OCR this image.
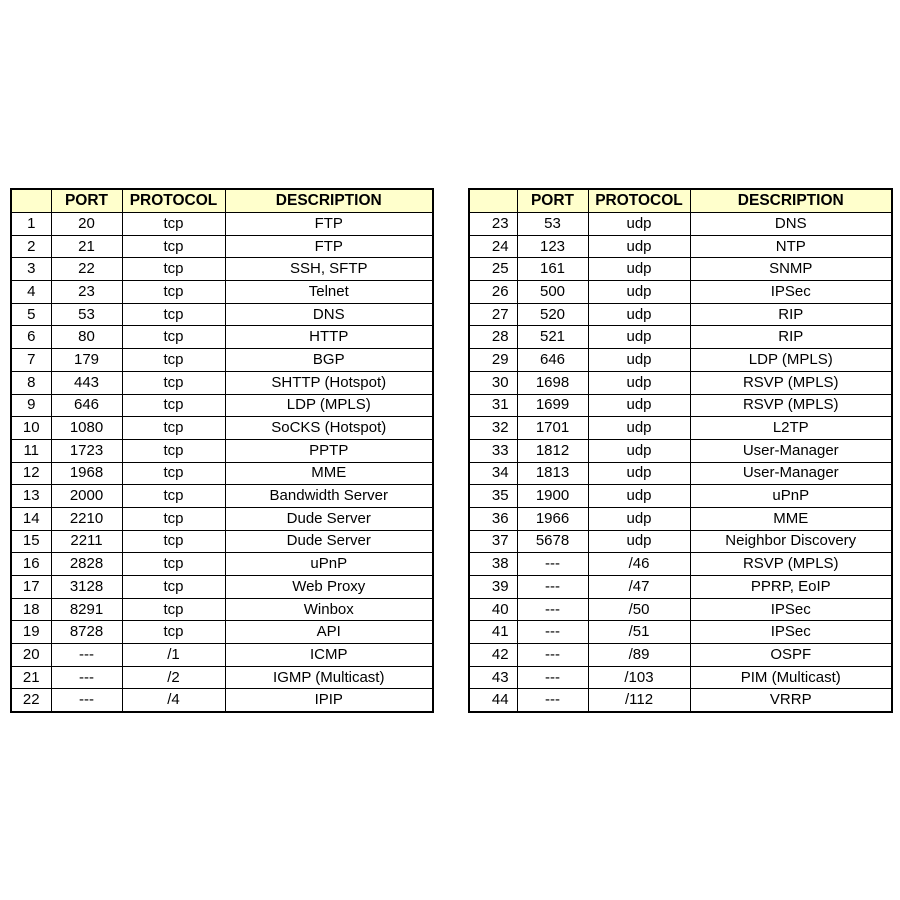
	PORT	PROTOCOL	DESCRIPTION
1	20	tcp	FTP
2	21	tcp	FTP
3	22	tcp	SSH, SFTP
4	23	tcp	Telnet
5	53	tcp	DNS
6	80	tcp	HTTP
7	179	tcp	BGP
8	443	tcp	SHTTP (Hotspot)
9	646	tcp	LDP (MPLS)
10	1080	tcp	SoCKS (Hotspot)
11	1723	tcp	PPTP
12	1968	tcp	MME
13	2000	tcp	Bandwidth Server
14	2210	tcp	Dude Server
15	2211	tcp	Dude Server
16	2828	tcp	uPnP
17	3128	tcp	Web Proxy
18	8291	tcp	Winbox
19	8728	tcp	API
20	---	/1	ICMP
21	---	/2	IGMP (Multicast)
22	---	/4	IPIP
	PORT	PROTOCOL	DESCRIPTION
23	53	udp	DNS
24	123	udp	NTP
25	161	udp	SNMP
26	500	udp	IPSec
27	520	udp	RIP
28	521	udp	RIP
29	646	udp	LDP (MPLS)
30	1698	udp	RSVP (MPLS)
31	1699	udp	RSVP (MPLS)
32	1701	udp	L2TP
33	1812	udp	User-Manager
34	1813	udp	User-Manager
35	1900	udp	uPnP
36	1966	udp	MME
37	5678	udp	Neighbor Discovery
38	---	/46	RSVP (MPLS)
39	---	/47	PPRP, EoIP
40	---	/50	IPSec
41	---	/51	IPSec
42	---	/89	OSPF
43	---	/103	PIM (Multicast)
44	---	/112	VRRP
